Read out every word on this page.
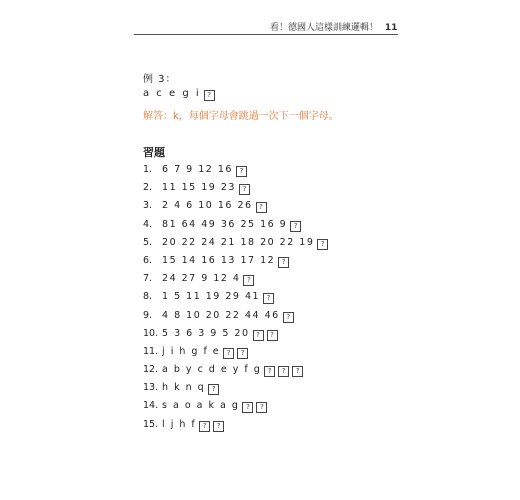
看！德國人這樣訓練邏輯！ 11
例 3：
a c e g i ?
解答：k，每個字母會跳過一次下一個字母。
習題
1. 6 7 9 12 16 ?
2. 11 15 19 23 ?
3. 2 4 6 10 16 26 ?
4. 81 64 49 36 25 16 9 ?
5. 20 22 24 21 18 20 22 19 ?
6. 15 14 16 13 17 12 ?
7. 24 27 9 12 4 ?
8. 1 5 11 19 29 41 ?
9. 4 8 10 20 22 44 46 ?
10. 5 3 6 3 9 5 20 ? ?
11. j i h g f e ? ?
12. a b y c d e y f g ? ? ?
13. h k n q ?
14. s a o a k a g ? ?
15. l j h f ? ?
